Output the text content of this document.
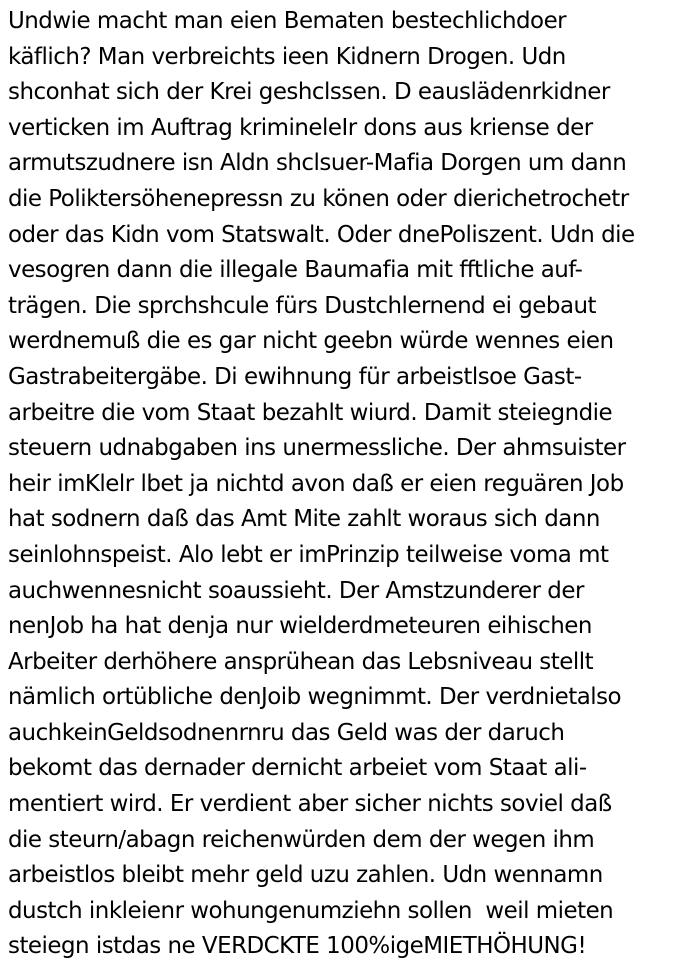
Undwie macht man eien Bematen bestechlichdoer
käflich? Man verbreichts ieen Kidnern Drogen. Udn
shconhat sich der Krei geshclssen. D eauslädenrkidner
verticken im Auftrag krimineleIr dons aus kriense der
armutszudnere isn Aldn shclsuer-Mafia Dorgen um dann
die Poliktersöhenepressn zu könen oder dierichetrochetr
oder das Kidn vom Statswalt. Oder dnePoliszent. Udn die
vesogren dann die illegale Baumafia mit fftliche auf-
trägen. Die sprchshcule fürs Dustchlernend ei gebaut
werdnemuß die es gar nicht geebn würde wennes eien
Gastrabeitergäbe. Di ewihnung für arbeistlsoe Gast-
arbeitre die vom Staat bezahlt wiurd. Damit steiegndie
steuern udnabgaben ins unermessliche. Der ahmsuister
heir imKlelr lbet ja nichtd avon daß er eien reguären Job
hat sodnern daß das Amt Mite zahlt woraus sich dann
seinlohnspeist. Alo lebt er imPrinzip teilweise voma mt
auchwennesnicht soaussieht. Der Amstzunderer der
nenJob ha hat denja nur wielderdmeteuren eihischen
Arbeiter derhöhere ansprühean das Lebsniveau stellt
nämlich ortübliche denJoib wegnimmt. Der verdnietalso
auchkeinGeldsodnenrnru das Geld was der daruch
bekomt das dernader dernicht arbeiet vom Staat ali-
mentiert wird. Er verdient aber sicher nichts soviel daß
die steurn/abagn reichenwürden dem der wegen ihm
arbeistlos bleibt mehr geld uzu zahlen. Udn wennamn
dustch inkleienr wohungenumziehn sollen  weil mieten
steiegn istdas ne VERDCKTE 100%igeMIETHÖHUNG!
